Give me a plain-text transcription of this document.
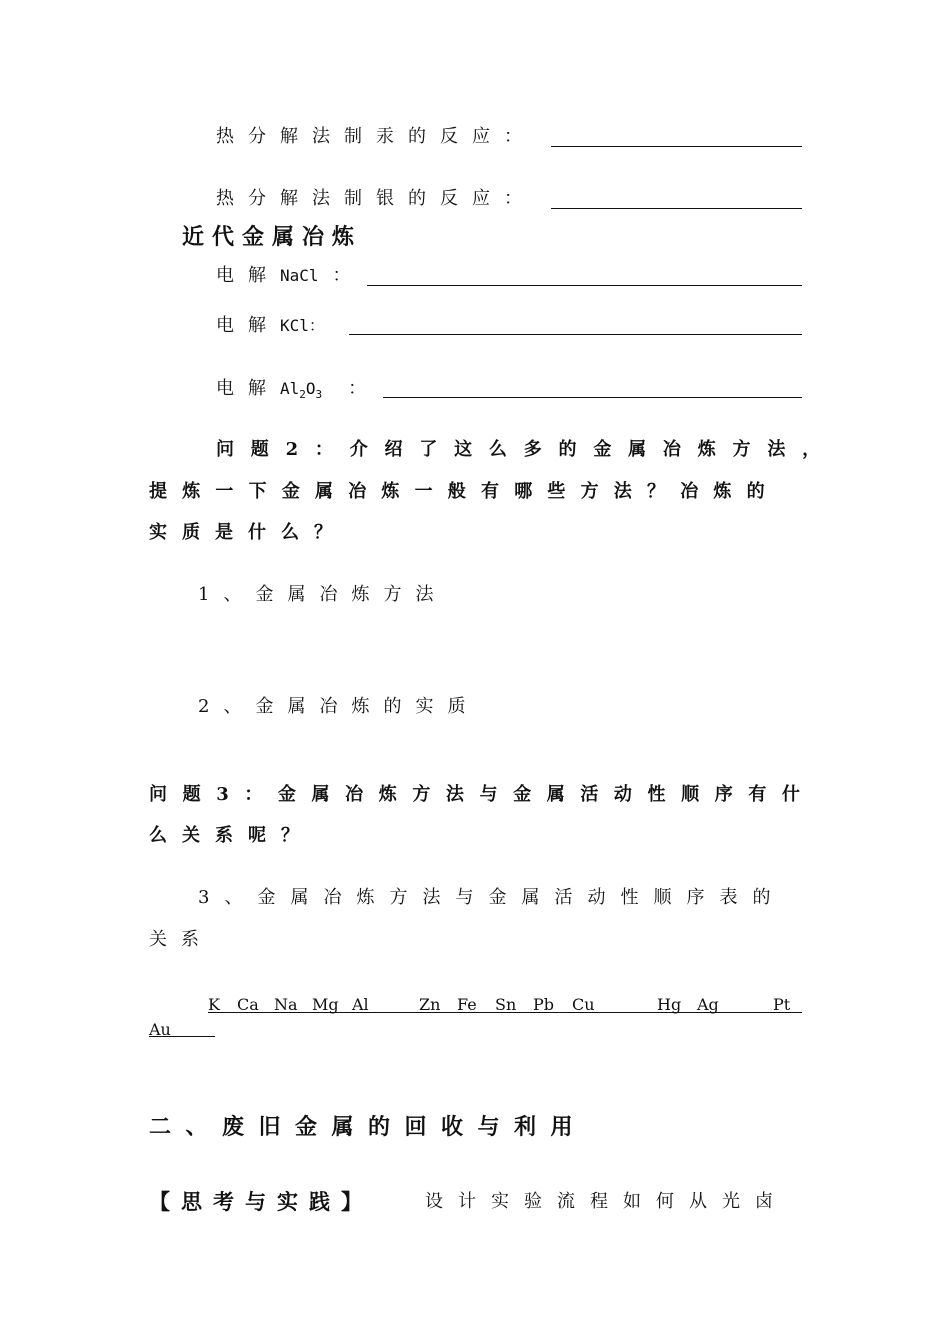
热分解法制汞的反应：
热分解法制银的反应：
近代金属冶炼
电解NaCl ：
电解KCl：
电解$Al_2O_3$ ：
问题2：介绍了这么多的金属冶炼方法，
提炼一下金属冶炼一般有哪些方法？冶炼的
实质是什么？
1、金属冶炼方法
2、金属冶炼的实质
问题3：金属冶炼方法与金属活动性顺序有什
么关系呢？
3、金属冶炼方法与金属活动性顺序表的
关系
K Ca Na Mg Al	Zn Fe Sn Pb Cu	Hg Ag	Pt
Au
二、废旧金属的回收与利用
【思考与实践】	设计实验流程如何从光卤
